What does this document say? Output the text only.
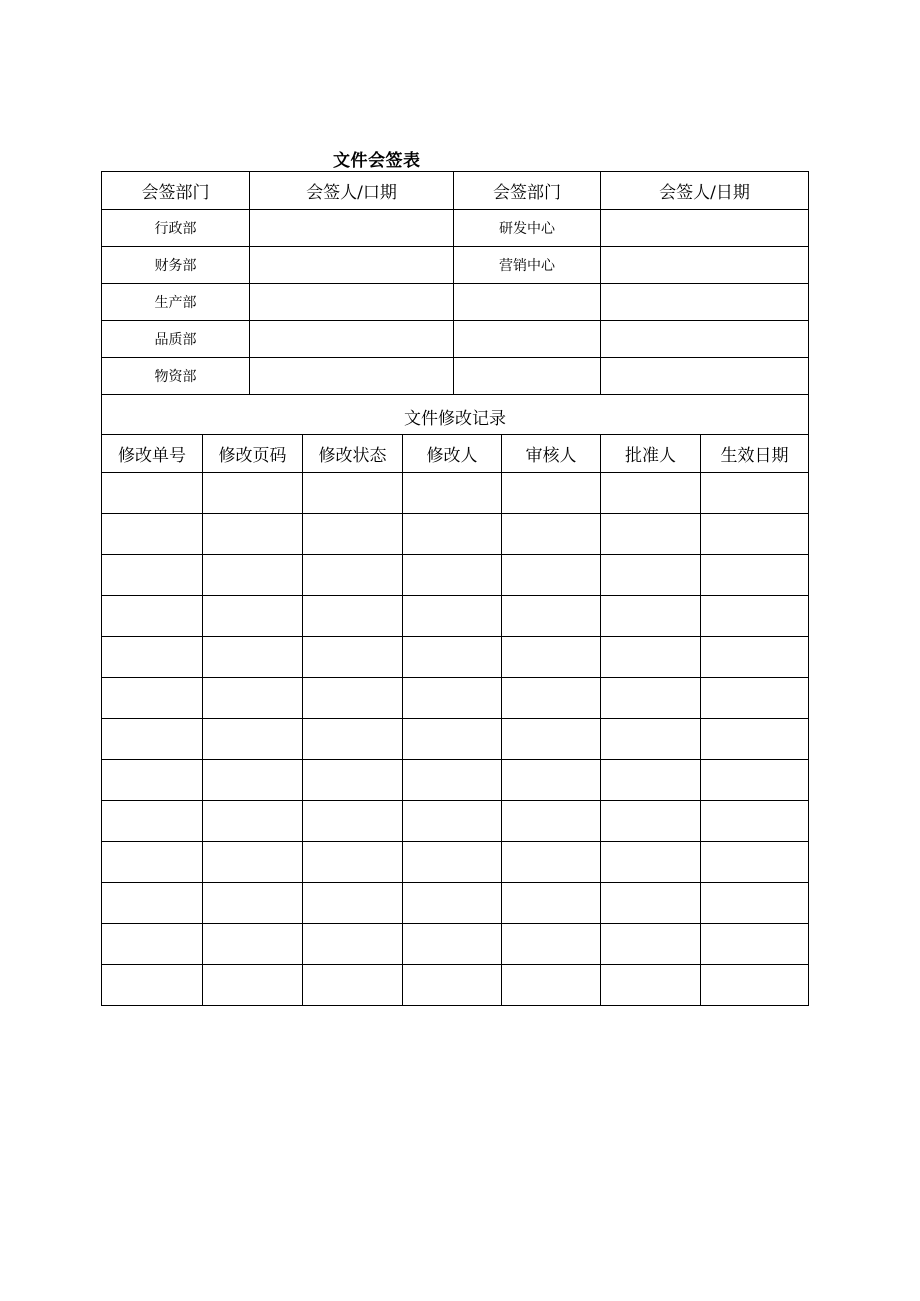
文件会签表
会签部门	会签人/口期	会签部门	会签人/日期
行政部		研发中心	
财务部		营销中心	
生产部			
品质部			
物资部			
文件修改记录			
修改单号	修改页码	修改状态	修改人	审核人	批准人	生效日期
